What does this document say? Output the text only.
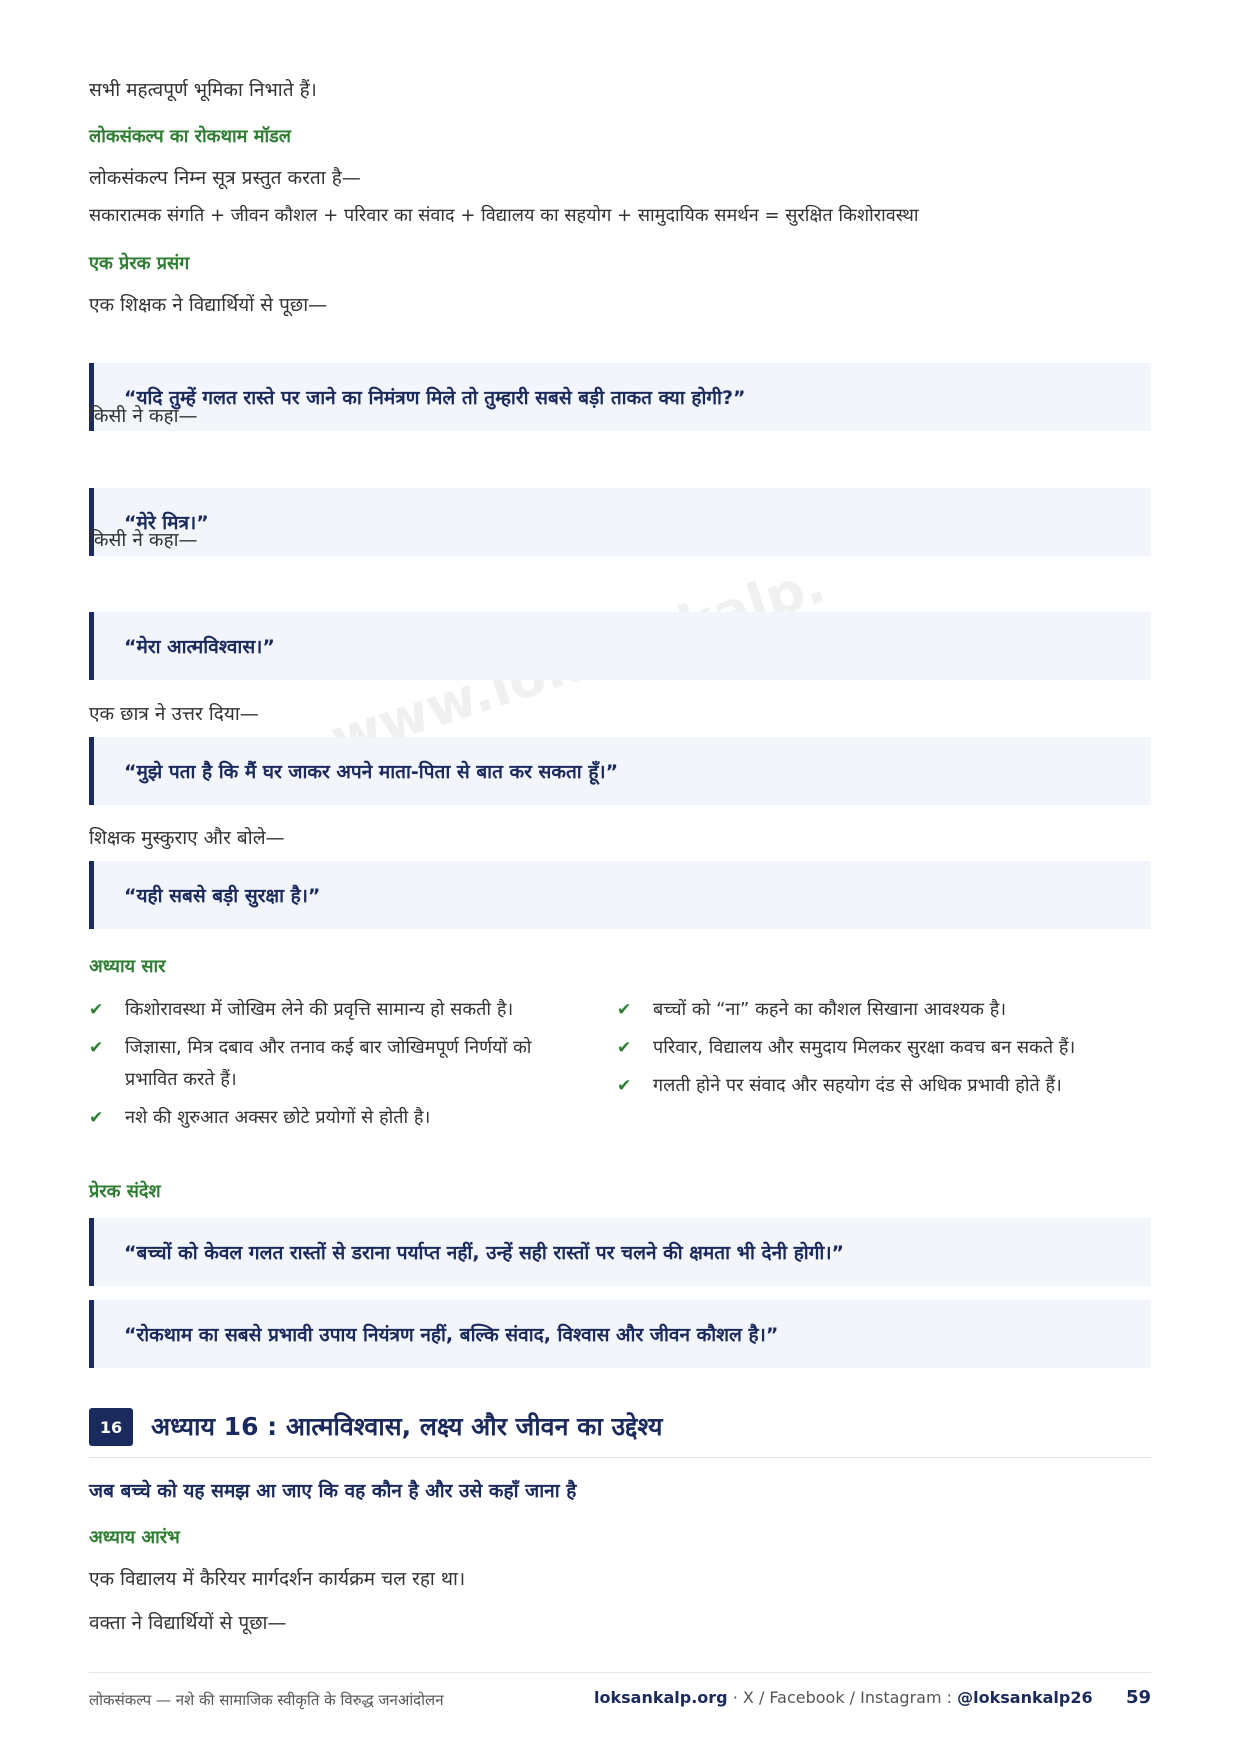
सभी महत्वपूर्ण भूमिका निभाते हैं।
लोकसंकल्प का रोकथाम मॉडल
लोकसंकल्प निम्न सूत्र प्रस्तुत करता है—
सकारात्मक संगति + जीवन कौशल + परिवार का संवाद + विद्यालय का सहयोग + सामुदायिक समर्थन = सुरक्षित किशोरावस्था
एक प्रेरक प्रसंग
एक शिक्षक ने विद्यार्थियों से पूछा—
“यदि तुम्हें गलत रास्ते पर जाने का निमंत्रण मिले तो तुम्हारी सबसे बड़ी ताकत क्या होगी?”
किसी ने कहा—
“मेरे मित्र।”
किसी ने कहा—
“मेरा आत्मविश्वास।”
एक छात्र ने उत्तर दिया—
“मुझे पता है कि मैं घर जाकर अपने माता-पिता से बात कर सकता हूँ।”
शिक्षक मुस्कुराए और बोले—
“यही सबसे बड़ी सुरक्षा है।”
अध्याय सार
✔ किशोरावस्था में जोखिम लेने की प्रवृत्ति सामान्य हो सकती है।
✔ जिज्ञासा, मित्र दबाव और तनाव कई बार जोखिमपूर्ण निर्णयों को प्रभावित करते हैं।
✔ नशे की शुरुआत अक्सर छोटे प्रयोगों से होती है।
✔ बच्चों को “ना” कहने का कौशल सिखाना आवश्यक है।
✔ परिवार, विद्यालय और समुदाय मिलकर सुरक्षा कवच बन सकते हैं।
✔ गलती होने पर संवाद और सहयोग दंड से अधिक प्रभावी होते हैं।
प्रेरक संदेश
“बच्चों को केवल गलत रास्तों से डराना पर्याप्त नहीं, उन्हें सही रास्तों पर चलने की क्षमता भी देनी होगी।”
“रोकथाम का सबसे प्रभावी उपाय नियंत्रण नहीं, बल्कि संवाद, विश्वास और जीवन कौशल है।”
16	अध्याय 16 : आत्मविश्वास, लक्ष्य और जीवन का उद्देश्य
जब बच्चे को यह समझ आ जाए कि वह कौन है और उसे कहाँ जाना है
अध्याय आरंभ
एक विद्यालय में कैरियर मार्गदर्शन कार्यक्रम चल रहा था।
वक्ता ने विद्यार्थियों से पूछा—
लोकसंकल्प — नशे की सामाजिक स्वीकृति के विरुद्ध जनआंदोलन	loksankalp.org · X / Facebook / Instagram : @loksankalp26 59
